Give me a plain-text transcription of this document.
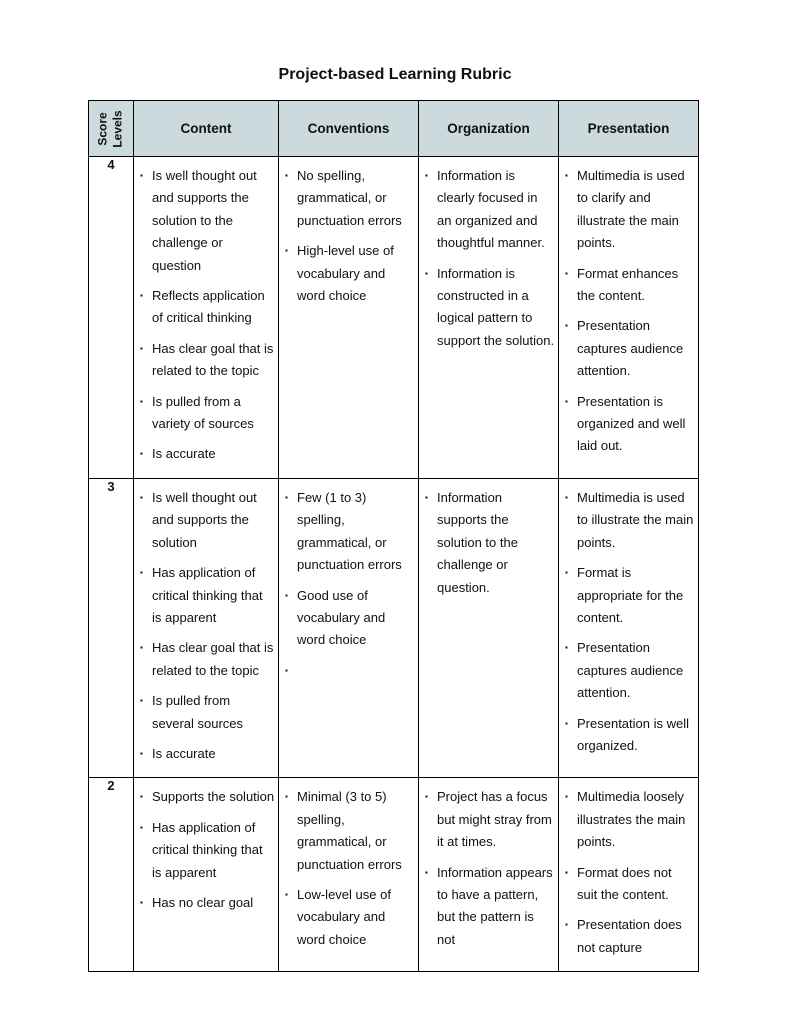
Project-based Learning Rubric
Score Levels	Content	Conventions	Organization	Presentation
4	
▪ Is well thought out and supports the solution to the challenge or question
▪ Reflects application of critical thinking
▪ Has clear goal that is related to the topic
▪ Is pulled from a variety of sources
▪ Is accurate

▪ No spelling, grammatical, or punctuation errors
▪ High-level use of vocabulary and word choice

▪ Information is clearly focused in an organized and thoughtful manner.
▪ Information is constructed in a logical pattern to support the solution.

▪ Multimedia is used to clarify and illustrate the main points.
▪ Format enhances the content.
▪ Presentation captures audience attention.
▪ Presentation is organized and well laid out.

3	
▪ Is well thought out and supports the solution
▪ Has application of critical thinking that is apparent
▪ Has clear goal that is related to the topic
▪ Is pulled from several sources
▪ Is accurate

▪ Few (1 to 3) spelling, grammatical, or punctuation errors
▪ Good use of vocabulary and word choice
▪

▪ Information supports the solution to the challenge or question.

▪ Multimedia is used to illustrate the main points.
▪ Format is appropriate for the content.
▪ Presentation captures audience attention.
▪ Presentation is well organized.

2	
▪ Supports the solution
▪ Has application of critical thinking that is apparent
▪ Has no clear goal

▪ Minimal (3 to 5) spelling, grammatical, or punctuation errors
▪ Low-level use of vocabulary and word choice

▪ Project has a focus but might stray from it at times.
▪ Information appears to have a pattern, but the pattern is not

▪ Multimedia loosely illustrates the main points.
▪ Format does not suit the content.
▪ Presentation does not capture
